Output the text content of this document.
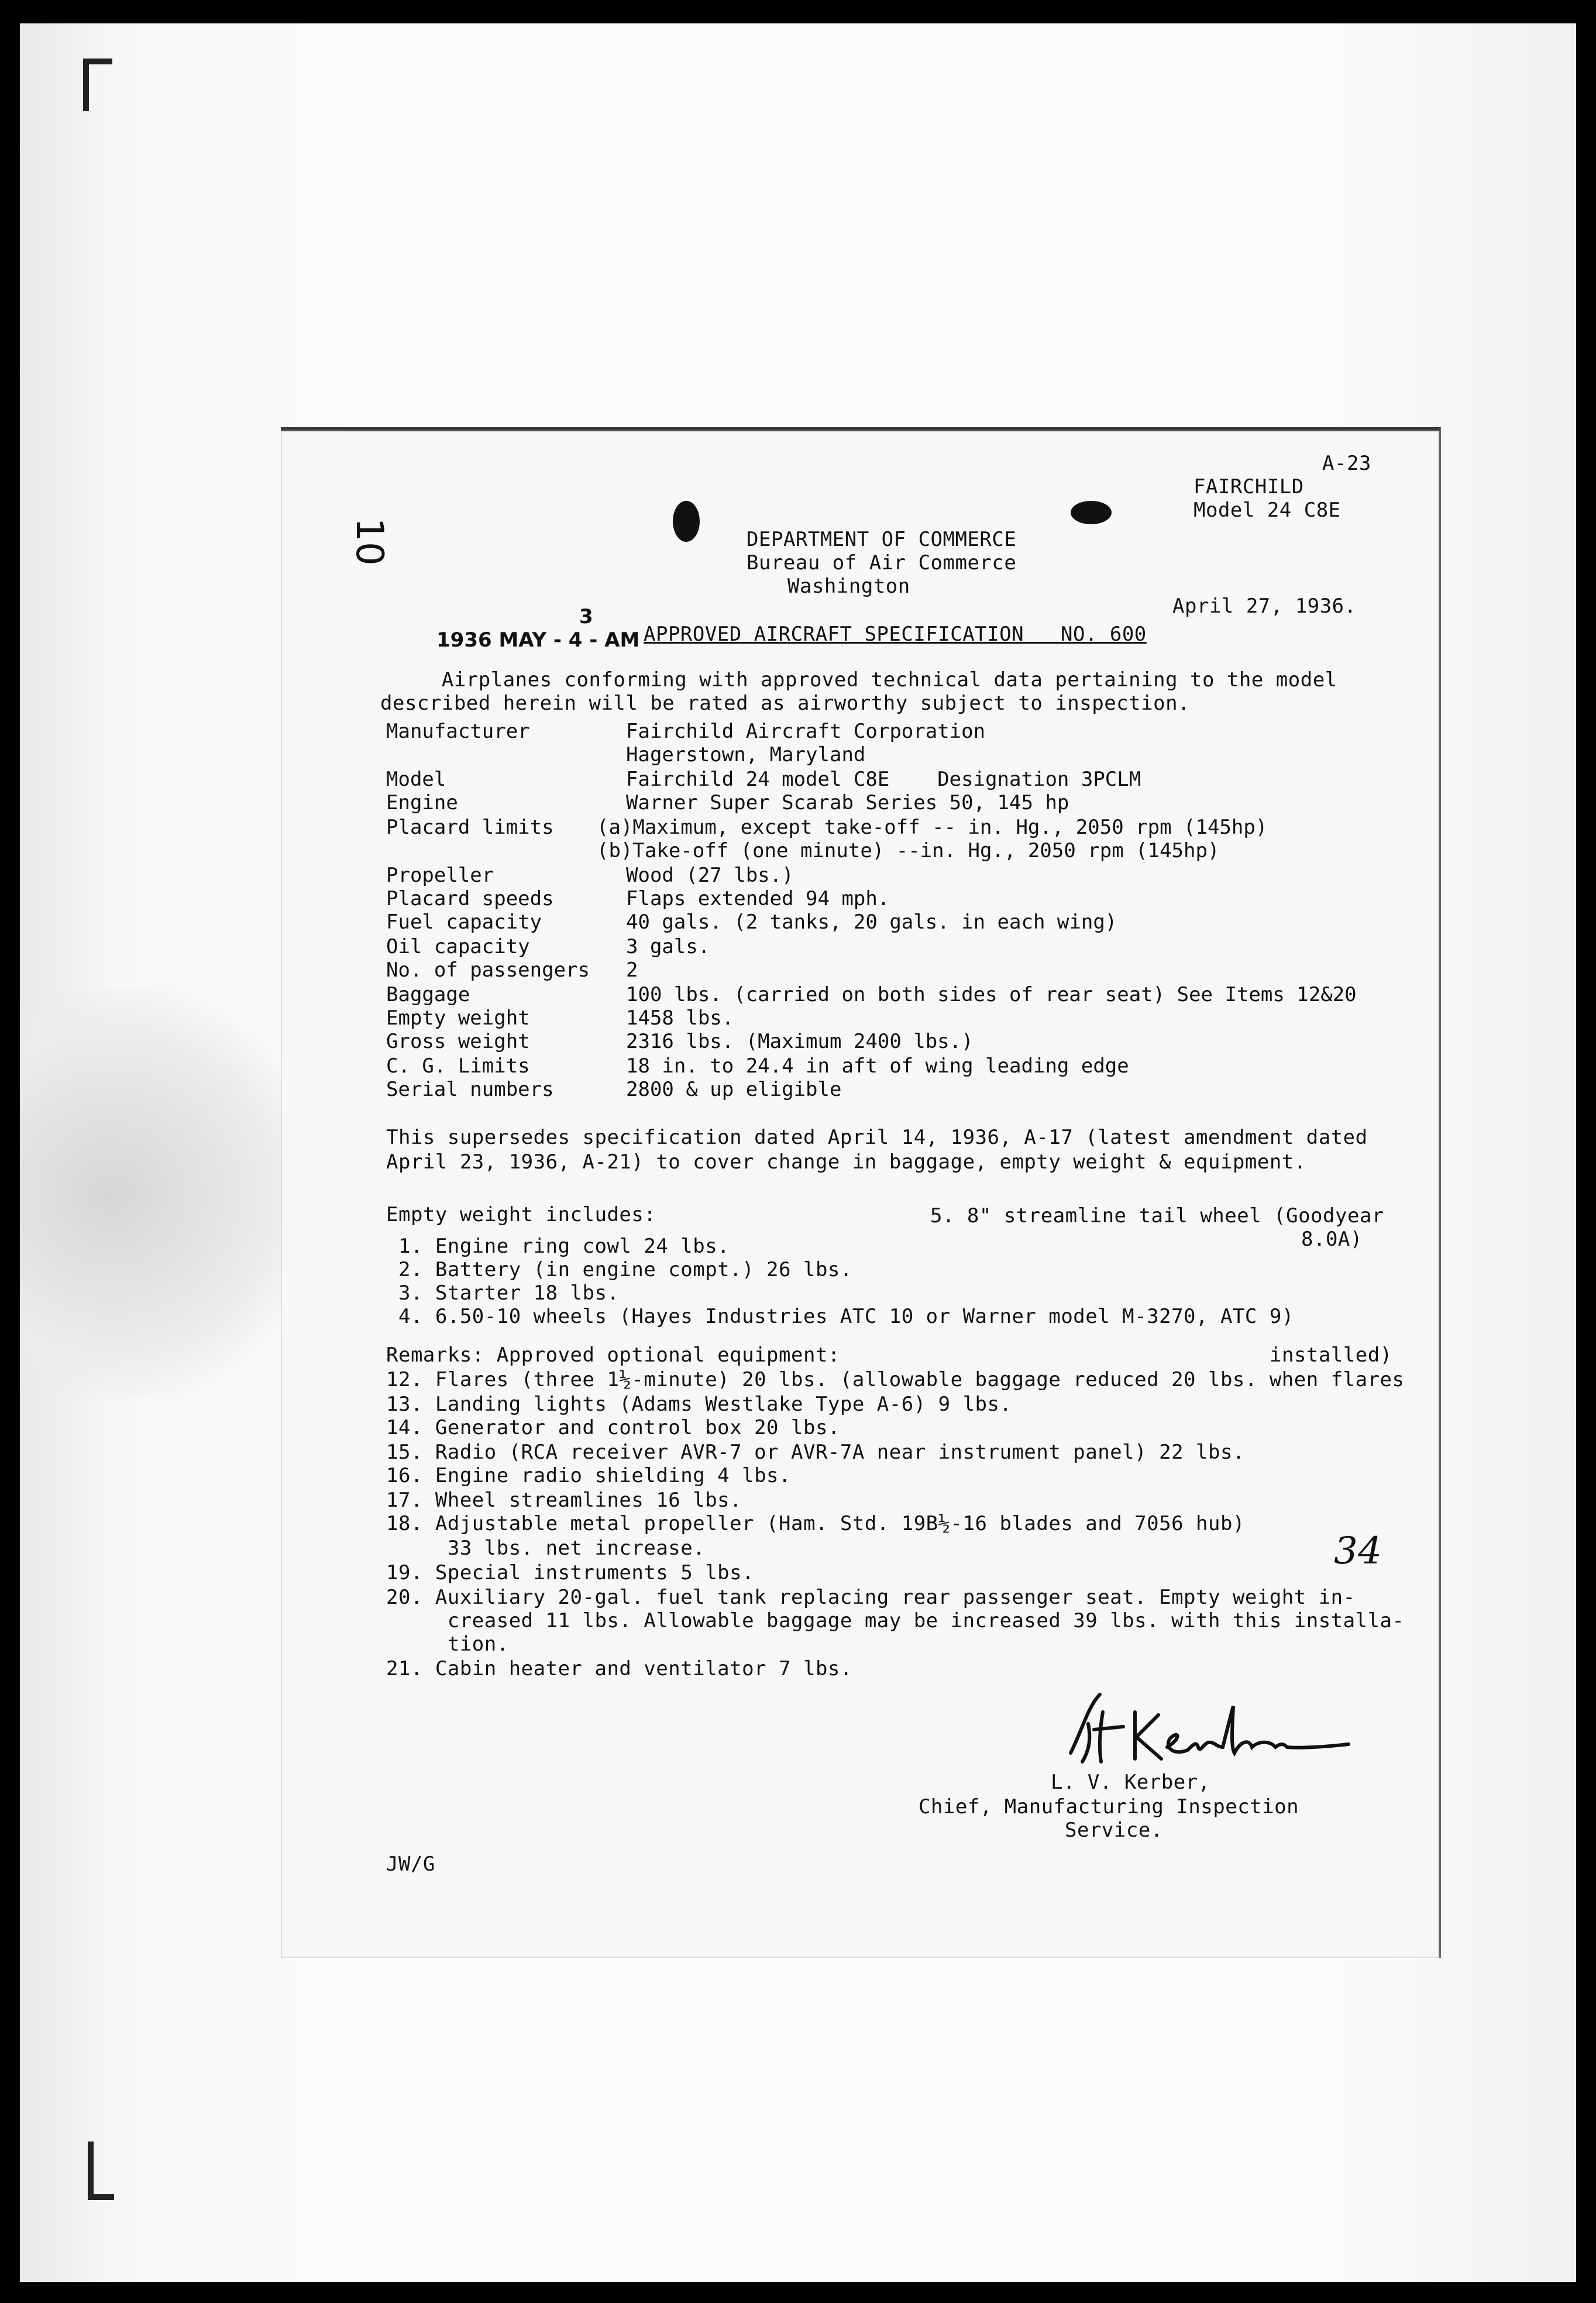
A-23
FAIRCHILD
Model 24 C8E
10	DEPARTMENT OF COMMERCE
Bureau of Air Commerce
Washington
April 27, 1936.
1936 MAY - 4 - AM
3
APPROVED AIRCRAFT SPECIFICATION   NO. 600
Airplanes conforming with approved technical data pertaining to the model
described herein will be rated as airworthy subject to inspection.
Manufacturer	Fairchild Aircraft Corporation
Hagerstown, Maryland
Model	Fairchild 24 model C8E    Designation 3PCLM
Engine	Warner Super Scarab Series 50, 145 hp
Placard limits (a)Maximum, except take-off -- in. Hg., 2050 rpm (145hp)
(b)Take-off (one minute) --in. Hg., 2050 rpm (145hp)
Propeller	Wood (27 lbs.)
Placard speeds	Flaps extended 94 mph.
Fuel capacity	40 gals. (2 tanks, 20 gals. in each wing)
Oil capacity	3 gals.
No. of passengers 2
Baggage	100 lbs. (carried on both sides of rear seat) See Items 12&20
Empty weight	1458 lbs.
Gross weight	2316 lbs. (Maximum 2400 lbs.)
C. G. Limits	18 in. to 24.4 in aft of wing leading edge
Serial numbers	2800 & up eligible
This supersedes specification dated April 14, 1936, A-17 (latest amendment dated
April 23, 1936, A-21) to cover change in baggage, empty weight & equipment.
Empty weight includes:	5. 8" streamline tail wheel (Goodyear
8.0A)
1. Engine ring cowl 24 lbs.
2. Battery (in engine compt.) 26 lbs.
3. Starter 18 lbs.
4. 6.50-10 wheels (Hayes Industries ATC 10 or Warner model M-3270, ATC 9)
Remarks: Approved optional equipment:	installed)
12. Flares (three 1½-minute) 20 lbs. (allowable baggage reduced 20 lbs. when flares
13. Landing lights (Adams Westlake Type A-6) 9 lbs.
14. Generator and control box 20 lbs.
15. Radio (RCA receiver AVR-7 or AVR-7A near instrument panel) 22 lbs.
16. Engine radio shielding 4 lbs.
17. Wheel streamlines 16 lbs.
18. Adjustable metal propeller (Ham. Std. 19B½-16 blades and 7056 hub)
33 lbs. net increase.
19. Special instruments 5 lbs.
20. Auxiliary 20-gal. fuel tank replacing rear passenger seat. Empty weight in-
creased 11 lbs. Allowable baggage may be increased 39 lbs. with this installa-
tion.
21. Cabin heater and ventilator 7 lbs.
34
L. V. Kerber,
Chief, Manufacturing Inspection
Service.
JW/G
